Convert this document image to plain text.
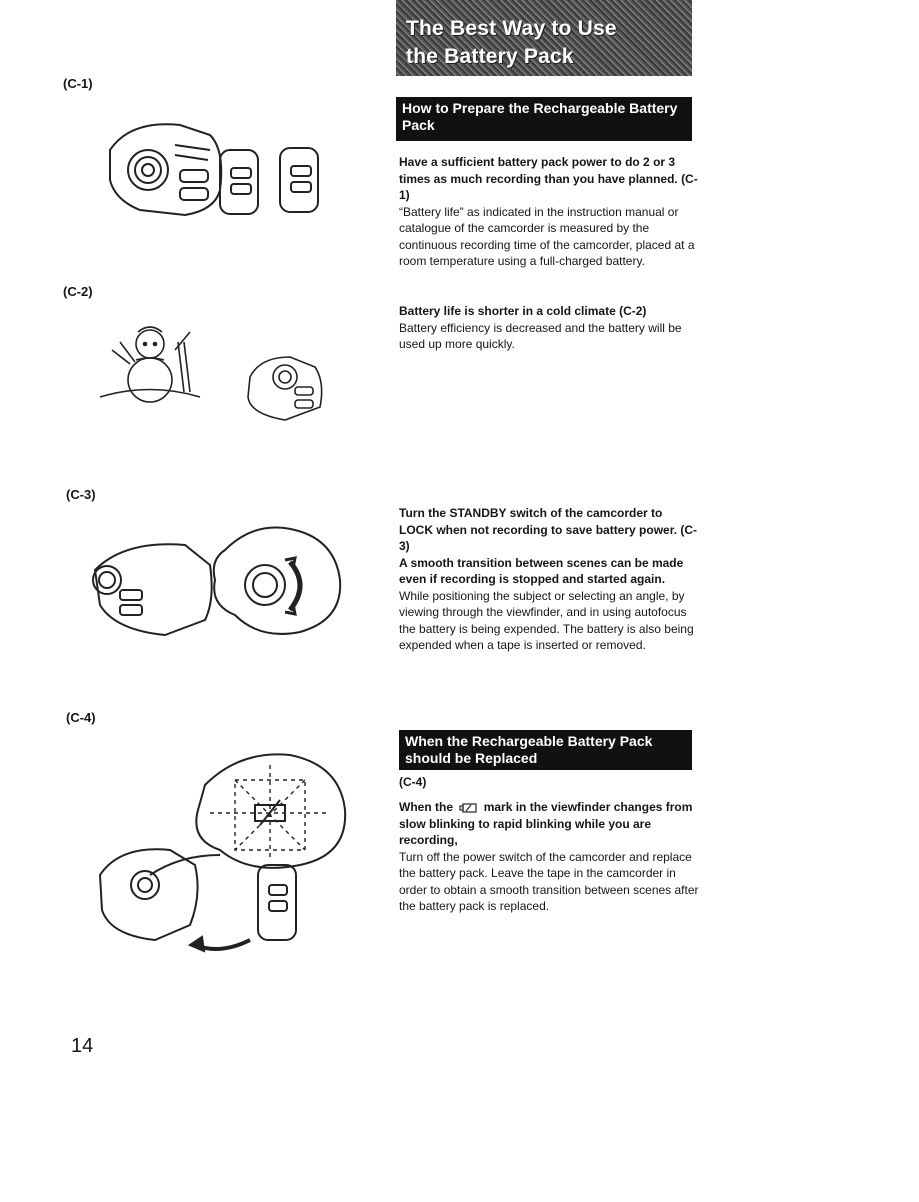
The Best Way to Use
the Battery Pack
(C-1)
(C-2)
(C-3)
(C-4)
How to Prepare the Rechargeable Battery
Pack
Have a sufficient battery pack power to do 2 or 3 times as much recording than you have planned. (C-1)
“Battery life” as indicated in the instruction manual or catalogue of the camcorder is measured by the continuous recording time of the camcorder, placed at a room temperature using a full-charged battery.
Battery life is shorter in a cold climate (C-2)
Battery efficiency is decreased and the battery will be used up more quickly.
Turn the STANDBY switch of the camcorder to LOCK when not recording to save battery power. (C-3)
A smooth transition between scenes can be made even if recording is stopped and started again.
While positioning the subject or selecting an angle, by viewing through the viewfinder, and in using autofocus the battery is being expended. The battery is also being expended when a tape is inserted or removed.
When the Rechargeable Battery Pack
should be Replaced
(C-4)
When the	mark in the viewfinder changes from slow blinking to rapid blinking while you are recording,
Turn off the power switch of the camcorder and replace the battery pack. Leave the tape in the camcorder in order to obtain a smooth transition between scenes after the battery pack is replaced.
14
